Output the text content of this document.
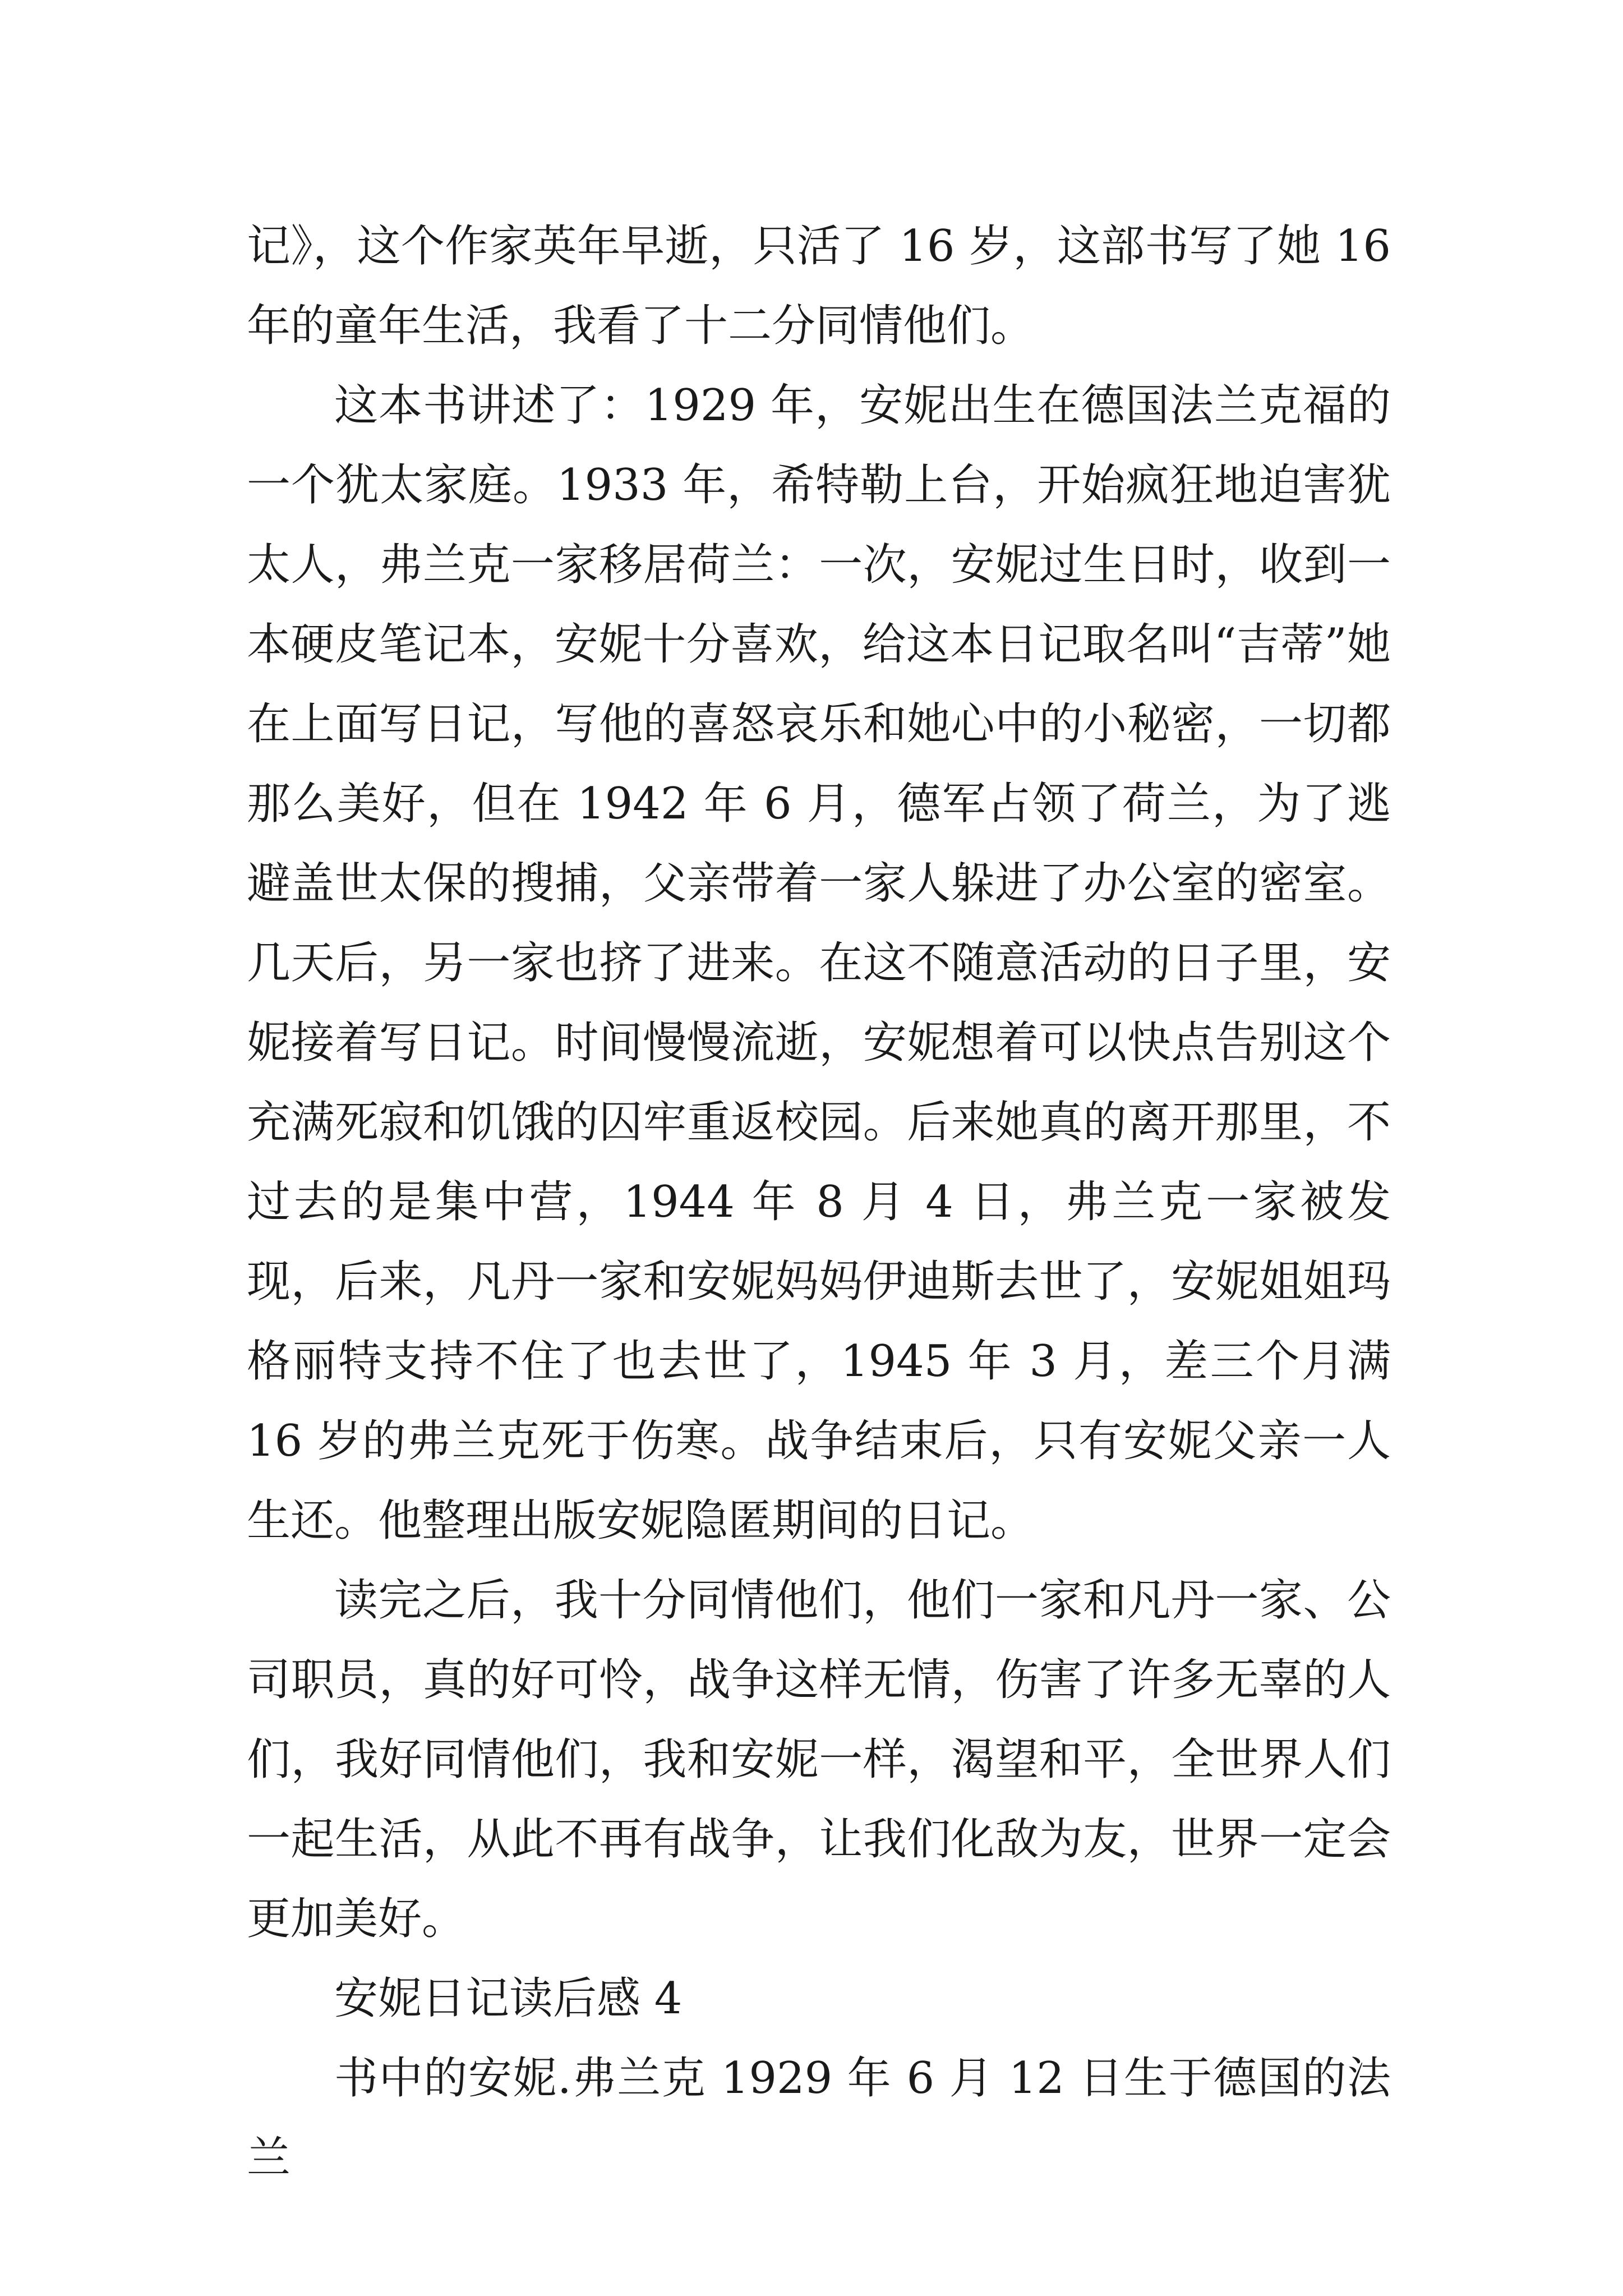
记》，这个作家英年早逝，只活了 16 岁，这部书写了她 16 年的童年生活，我看了十二分同情他们。

这本书讲述了：1929 年，安妮出生在德国法兰克福的一个犹太家庭。1933 年，希特勒上台，开始疯狂地迫害犹太人，弗兰克一家移居荷兰：一次，安妮过生日时，收到一本硬皮笔记本，安妮十分喜欢，给这本日记取名叫“吉蒂”她在上面写日记，写他的喜怒哀乐和她心中的小秘密，一切都那么美好，但在 1942 年 6 月，德军占领了荷兰，为了逃避盖世太保的搜捕，父亲带着一家人躲进了办公室的密室。几天后，另一家也挤了进来。在这不随意活动的日子里，安妮接着写日记。时间慢慢流逝，安妮想着可以快点告别这个充满死寂和饥饿的囚牢重返校园。后来她真的离开那里，不过去的是集中营，1944 年 8 月 4 日，弗兰克一家被发现，后来，凡丹一家和安妮妈妈伊迪斯去世了，安妮姐姐玛格丽特支持不住了也去世了，1945 年 3 月，差三个月满 16 岁的弗兰克死于伤寒。战争结束后，只有安妮父亲一人生还。他整理出版安妮隐匿期间的日记。

读完之后，我十分同情他们，他们一家和凡丹一家、公司职员，真的好可怜，战争这样无情，伤害了许多无辜的人们，我好同情他们，我和安妮一样，渴望和平，全世界人们一起生活，从此不再有战争，让我们化敌为友，世界一定会更加美好。

安妮日记读后感 4

书中的安妮.弗兰克 1929 年 6 月 12 日生于德国的法兰
